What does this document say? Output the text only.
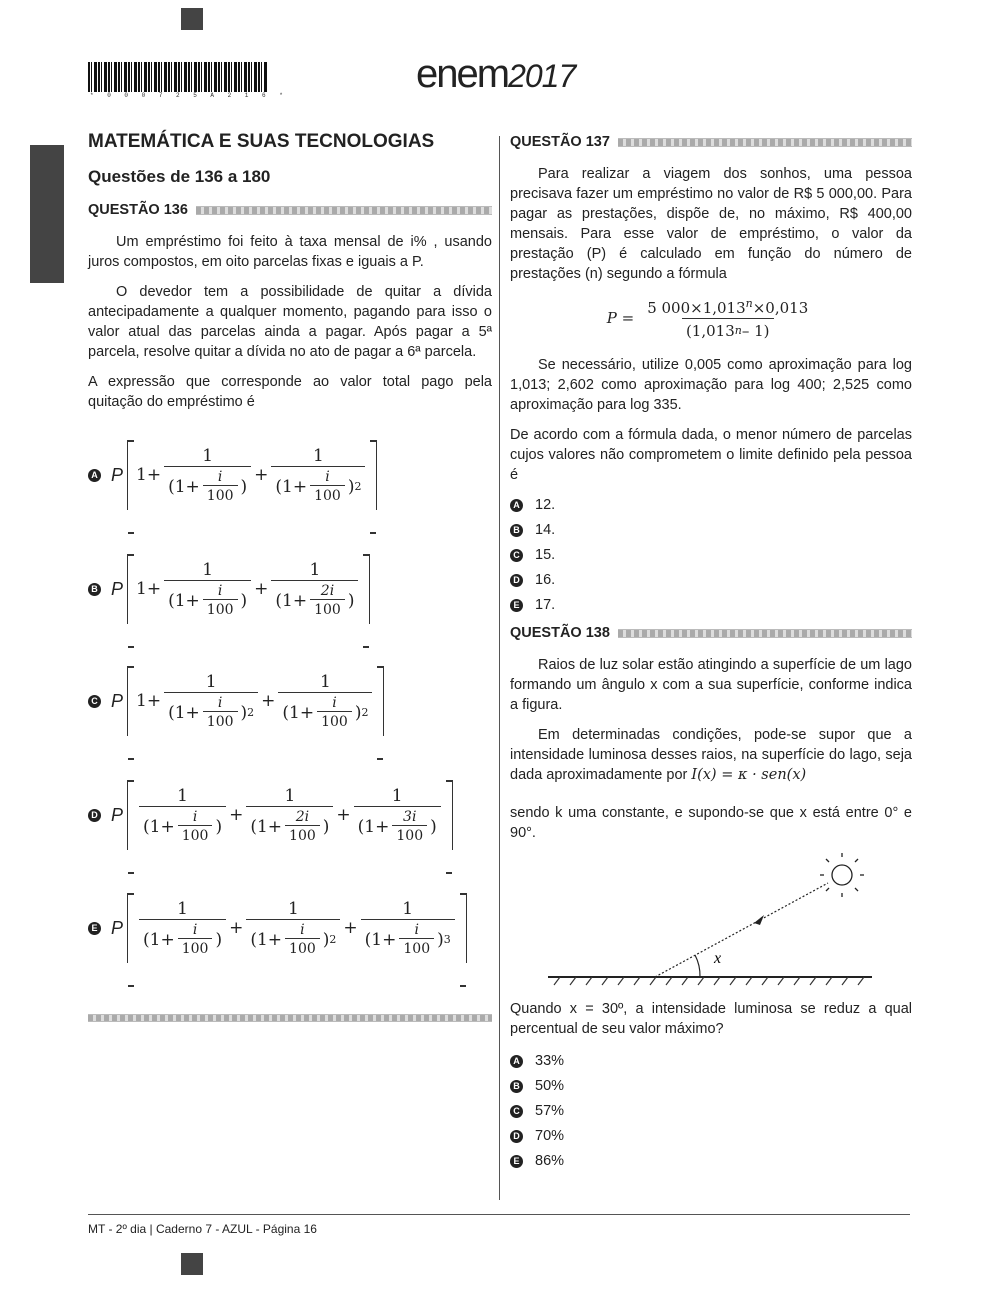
* 0 0 0 7 2 5 A 2 1 6 *	enem2017
MATEMÁTICA E SUAS TECNOLOGIAS
Questões de 136 a 180
QUESTÃO 136

Um empréstimo foi feito à taxa mensal de i% , usando juros compostos, em oito parcelas fixas e iguais a P.

O devedor tem a possibilidade de quitar a dívida antecipadamente a qualquer momento, pagando para isso o valor atual das parcelas ainda a pagar. Após pagar a 5ª parcela, resolve quitar a dívida no ato de pagar a 6ª parcela.

A expressão que corresponde ao valor total pago pela quitação do empréstimo é

A P $1+ \frac{1}{(1+ \frac{i}{100} )} + \frac{1}{(1+ \frac{i}{100} ) 2}$
B P $1+ \frac{1}{(1+ \frac{i}{100} )} + \frac{1}{(1+ \frac{2i}{100} )}$
C P $1+ \frac{1}{(1+ \frac{i}{100} ) 2} + \frac{1}{(1+ \frac{i}{100} ) 2}$
D P $\frac{1}{(1+ \frac{i}{100} )} + \frac{1}{(1+ \frac{2i}{100} )} + \frac{1}{(1+ \frac{3i}{100} )}$
E P $\frac{1}{(1+ \frac{i}{100} )} + \frac{1}{(1+ \frac{i}{100} ) 2} + \frac{1}{(1+ \frac{i}{100} ) 3}$
QUESTÃO 137

Para realizar a viagem dos sonhos, uma pessoa precisava fazer um empréstimo no valor de R$ 5 000,00. Para pagar as prestações, dispõe de, no máximo, R$ 400,00 mensais. Para esse valor de empréstimo, o valor da prestação (P) é calculado em função do número de prestações (n) segundo a fórmula

$P = \frac{5 000\times 1,013^n\times 0,013}{(1,013 n - 1)}$

Se necessário, utilize 0,005 como aproximação para log 1,013; 2,602 como aproximação para log 400; 2,525 como aproximação para log 335.

De acordo com a fórmula dada, o menor número de parcelas cujos valores não comprometem o limite definido pela pessoa é

A 12.
B 14.
C 15.
D 16.
E 17.
QUESTÃO 138

Raios de luz solar estão atingindo a superfície de um lago formando um ângulo x com a sua superfície, conforme indica a figura.

Em determinadas condições, pode-se supor que a intensidade luminosa desses raios, na superfície do lago, seja dada aproximadamente por I(x) = κ · sen(x)

sendo k uma constante, e supondo-se que x está entre 0° e 90°.

x

Quando x = 30º, a intensidade luminosa se reduz a qual percentual de seu valor máximo?

A 33%
B 50%
C 57%
D 70%
E 86%
MT - 2º dia | Caderno 7 - AZUL - Página 16
